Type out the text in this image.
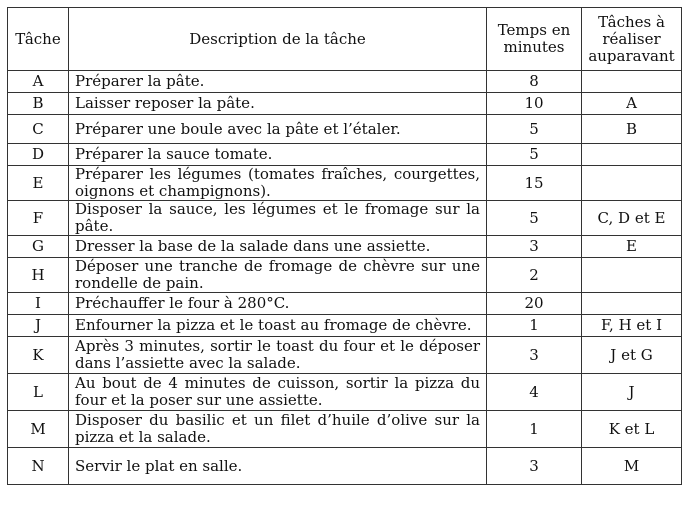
Tâche	Description de la tâche	Temps en minutes	Tâches à réaliser auparavant
A	Préparer la pâte.	8	
B	Laisser reposer la pâte.	10	A
C	Préparer une boule avec la pâte et l’étaler.	5	B
D	Préparer la sauce tomate.	5	
E	Préparer les légumes (tomates fraîches, courgettes, oignons et champignons).	15	
F	Disposer la sauce, les légumes et le fromage sur la pâte.	5	C, D et E
G	Dresser la base de la salade dans une assiette.	3	E
H	Déposer une tranche de fromage de chèvre sur une rondelle de pain.	2	
I	Préchauffer le four à 280°C.	20	
J	Enfourner la pizza et le toast au fromage de chèvre.	1	F, H et I
K	Après 3 minutes, sortir le toast du four et le déposer dans l’assiette avec la salade.	3	J et G
L	Au bout de 4 minutes de cuisson, sortir la pizza du four et la poser sur une assiette.	4	J
M	Disposer du basilic et un filet d’huile d’olive sur la pizza et la salade.	1	K et L
N	Servir le plat en salle.	3	M
